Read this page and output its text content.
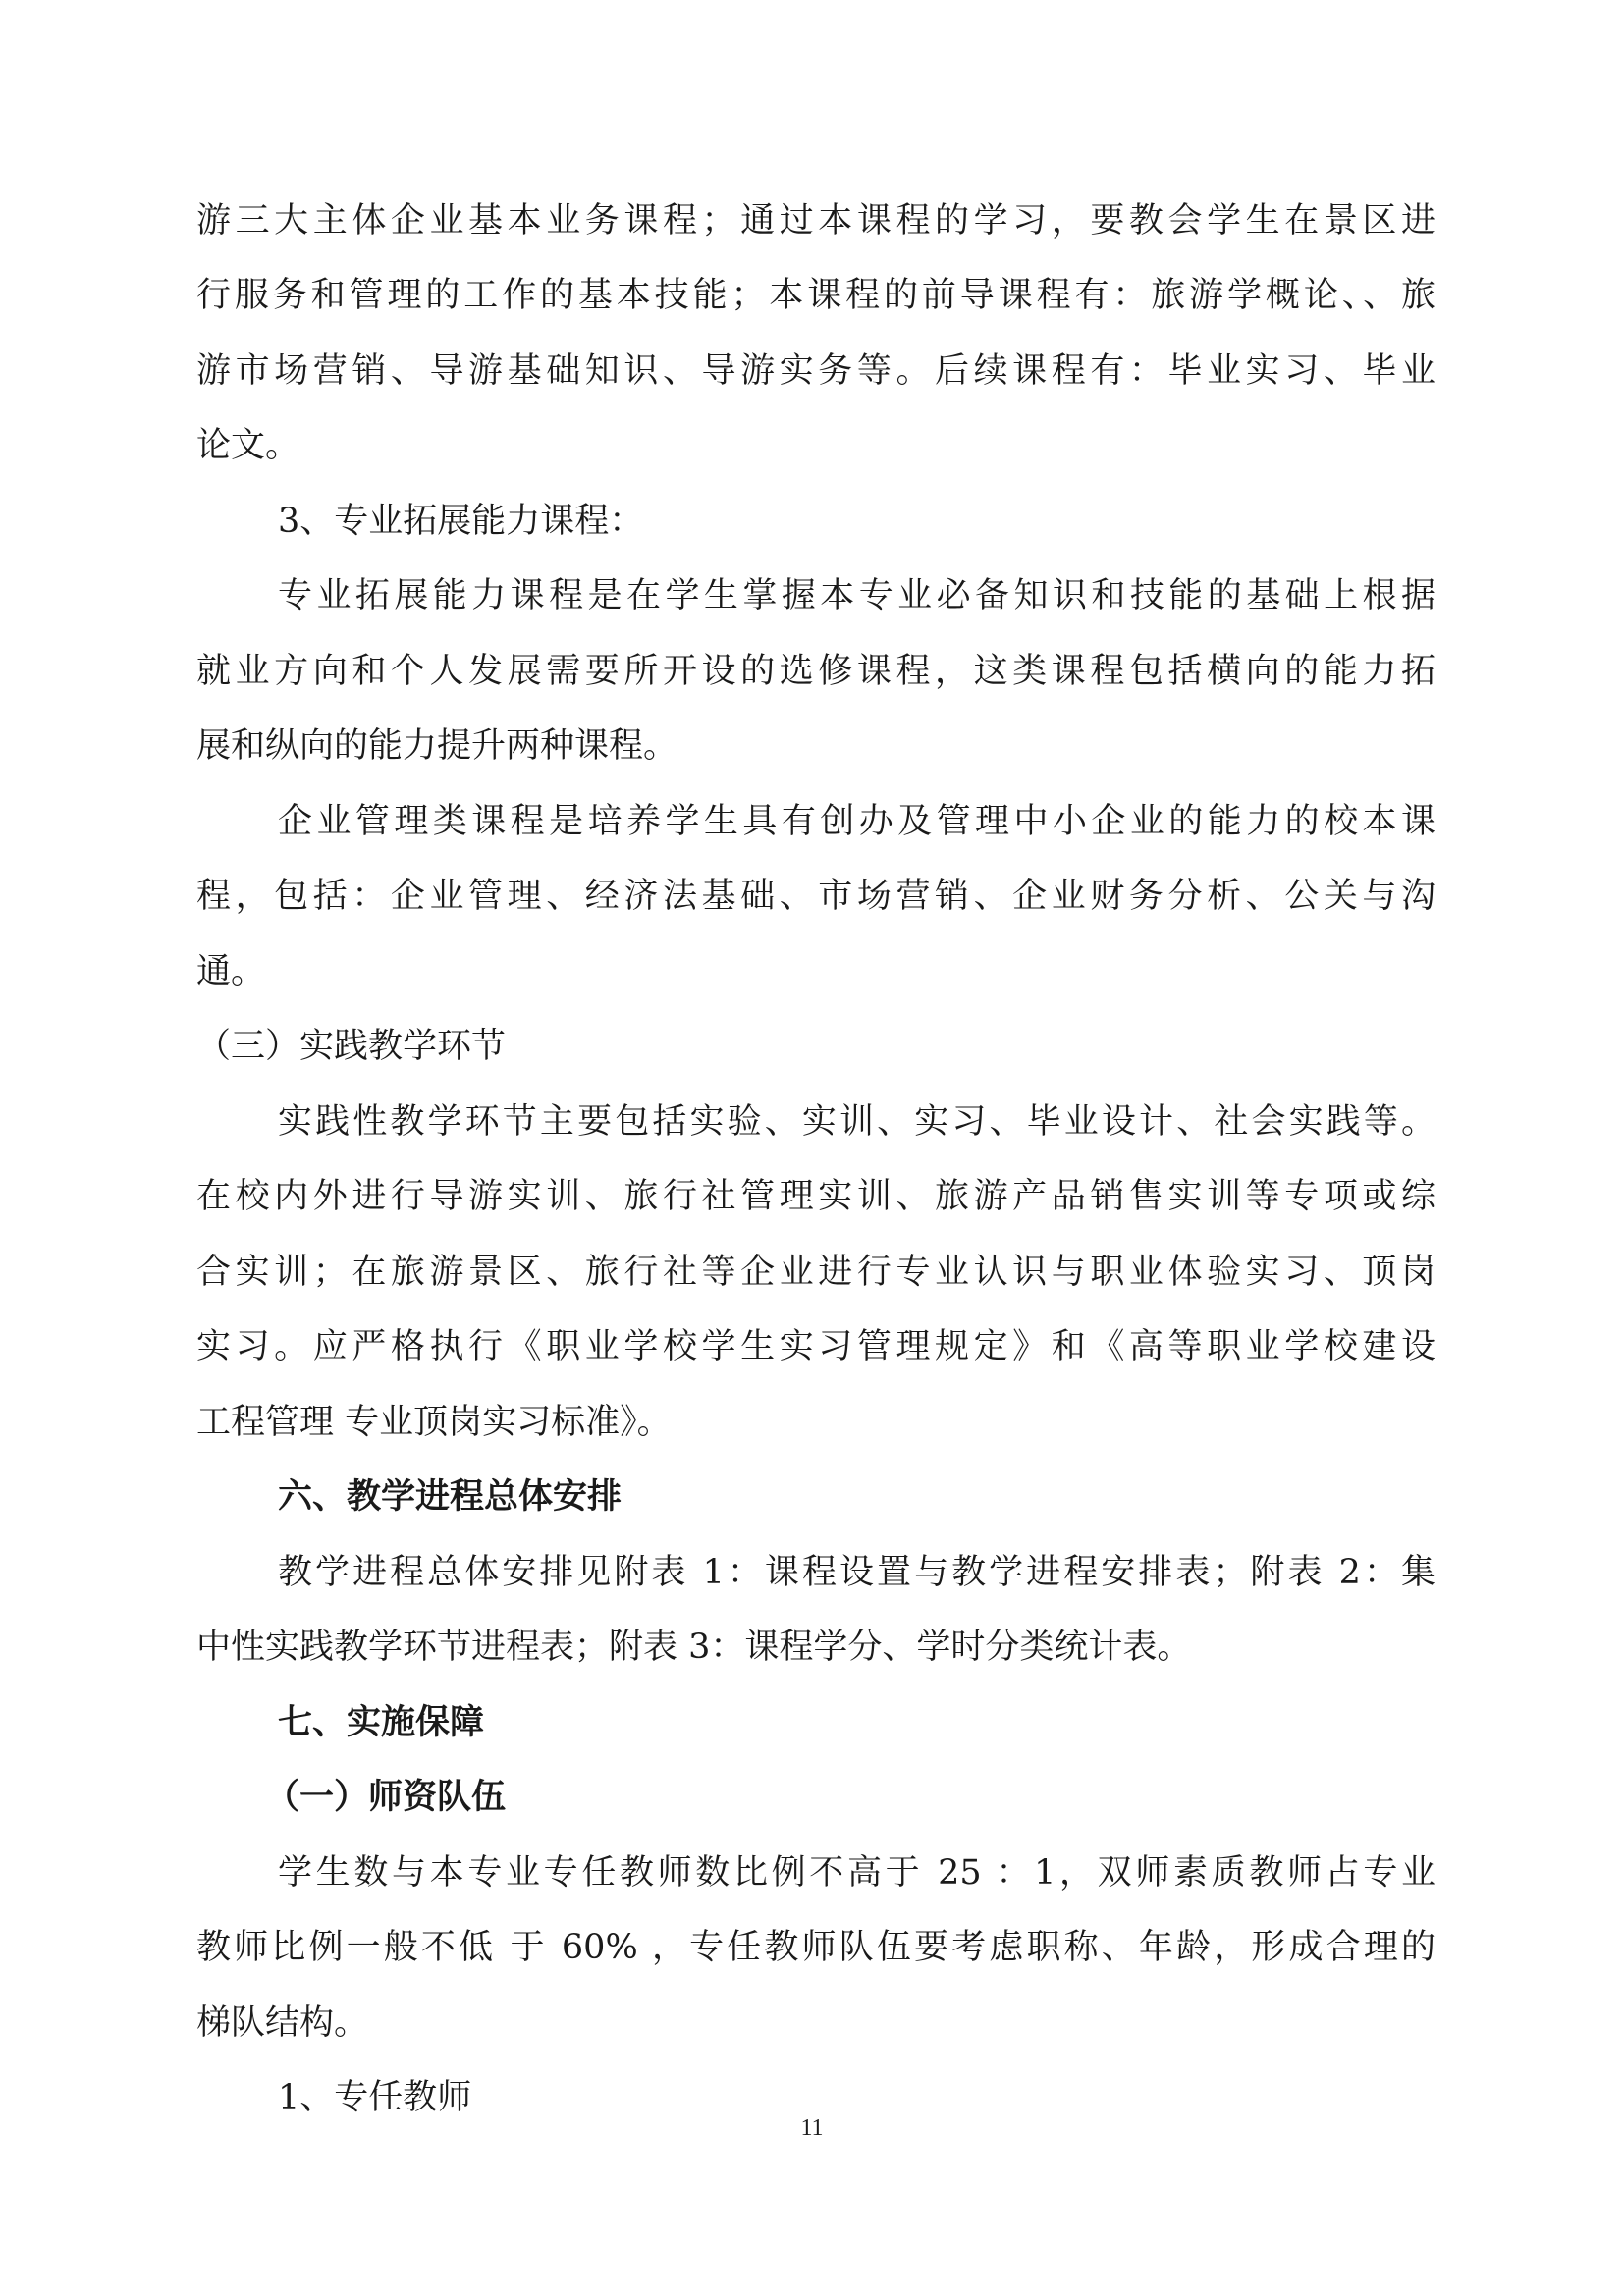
游三大主体企业基本业务课程；通过本课程的学习，要教会学生在景区进
行服务和管理的工作的基本技能；本课程的前导课程有：旅游学概论、、旅
游市场营销、导游基础知识、导游实务等。后续课程有：毕业实习、毕业
论文。
3、专业拓展能力课程：
专业拓展能力课程是在学生掌握本专业必备知识和技能的基础上根据
就业方向和个人发展需要所开设的选修课程，这类课程包括横向的能力拓
展和纵向的能力提升两种课程。
企业管理类课程是培养学生具有创办及管理中小企业的能力的校本课
程，包括：企业管理、经济法基础、市场营销、企业财务分析、公关与沟
通。
（三）实践教学环节
实践性教学环节主要包括实验、实训、实习、毕业设计、社会实践等。
在校内外进行导游实训、旅行社管理实训、旅游产品销售实训等专项或综
合实训；在旅游景区、旅行社等企业进行专业认识与职业体验实习、顶岗
实习。应严格执行《职业学校学生实习管理规定》和《高等职业学校建设
工程管理 专业顶岗实习标准》。
六、教学进程总体安排
教学进程总体安排见附表 1：课程设置与教学进程安排表；附表 2：集
中性实践教学环节进程表；附表 3：课程学分、学时分类统计表。
七、实施保障
（一）师资队伍
学生数与本专业专任教师数比例不高于 25 ：1，双师素质教师占专业
教师比例一般不低 于 60% ，专任教师队伍要考虑职称、年龄，形成合理的
梯队结构。
1、专任教师
11
